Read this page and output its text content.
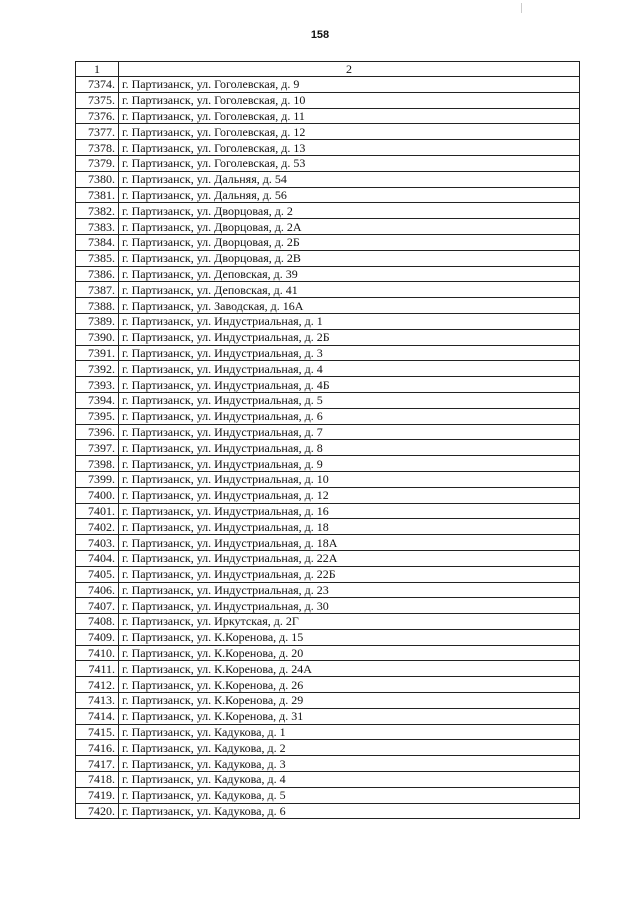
158
1	2
7374.	г. Партизанск, ул. Гоголевская, д. 9
7375.	г. Партизанск, ул. Гоголевская, д. 10
7376.	г. Партизанск, ул. Гоголевская, д. 11
7377.	г. Партизанск, ул. Гоголевская, д. 12
7378.	г. Партизанск, ул. Гоголевская, д. 13
7379.	г. Партизанск, ул. Гоголевская, д. 53
7380.	г. Партизанск, ул. Дальняя, д. 54
7381.	г. Партизанск, ул. Дальняя, д. 56
7382.	г. Партизанск, ул. Дворцовая, д. 2
7383.	г. Партизанск, ул. Дворцовая, д. 2А
7384.	г. Партизанск, ул. Дворцовая, д. 2Б
7385.	г. Партизанск, ул. Дворцовая, д. 2В
7386.	г. Партизанск, ул. Деповская, д. 39
7387.	г. Партизанск, ул. Деповская, д. 41
7388.	г. Партизанск, ул. Заводская, д. 16А
7389.	г. Партизанск, ул. Индустриальная, д. 1
7390.	г. Партизанск, ул. Индустриальная, д. 2Б
7391.	г. Партизанск, ул. Индустриальная, д. 3
7392.	г. Партизанск, ул. Индустриальная, д. 4
7393.	г. Партизанск, ул. Индустриальная, д. 4Б
7394.	г. Партизанск, ул. Индустриальная, д. 5
7395.	г. Партизанск, ул. Индустриальная, д. 6
7396.	г. Партизанск, ул. Индустриальная, д. 7
7397.	г. Партизанск, ул. Индустриальная, д. 8
7398.	г. Партизанск, ул. Индустриальная, д. 9
7399.	г. Партизанск, ул. Индустриальная, д. 10
7400.	г. Партизанск, ул. Индустриальная, д. 12
7401.	г. Партизанск, ул. Индустриальная, д. 16
7402.	г. Партизанск, ул. Индустриальная, д. 18
7403.	г. Партизанск, ул. Индустриальная, д. 18А
7404.	г. Партизанск, ул. Индустриальная, д. 22А
7405.	г. Партизанск, ул. Индустриальная, д. 22Б
7406.	г. Партизанск, ул. Индустриальная, д. 23
7407.	г. Партизанск, ул. Индустриальная, д. 30
7408.	г. Партизанск, ул. Иркутская, д. 2Г
7409.	г. Партизанск, ул. К.Коренова, д. 15
7410.	г. Партизанск, ул. К.Коренова, д. 20
7411.	г. Партизанск, ул. К.Коренова, д. 24А
7412.	г. Партизанск, ул. К.Коренова, д. 26
7413.	г. Партизанск, ул. К.Коренова, д. 29
7414.	г. Партизанск, ул. К.Коренова, д. 31
7415.	г. Партизанск, ул. Кадукова, д. 1
7416.	г. Партизанск, ул. Кадукова, д. 2
7417.	г. Партизанск, ул. Кадукова, д. 3
7418.	г. Партизанск, ул. Кадукова, д. 4
7419.	г. Партизанск, ул. Кадукова, д. 5
7420.	г. Партизанск, ул. Кадукова, д. 6
